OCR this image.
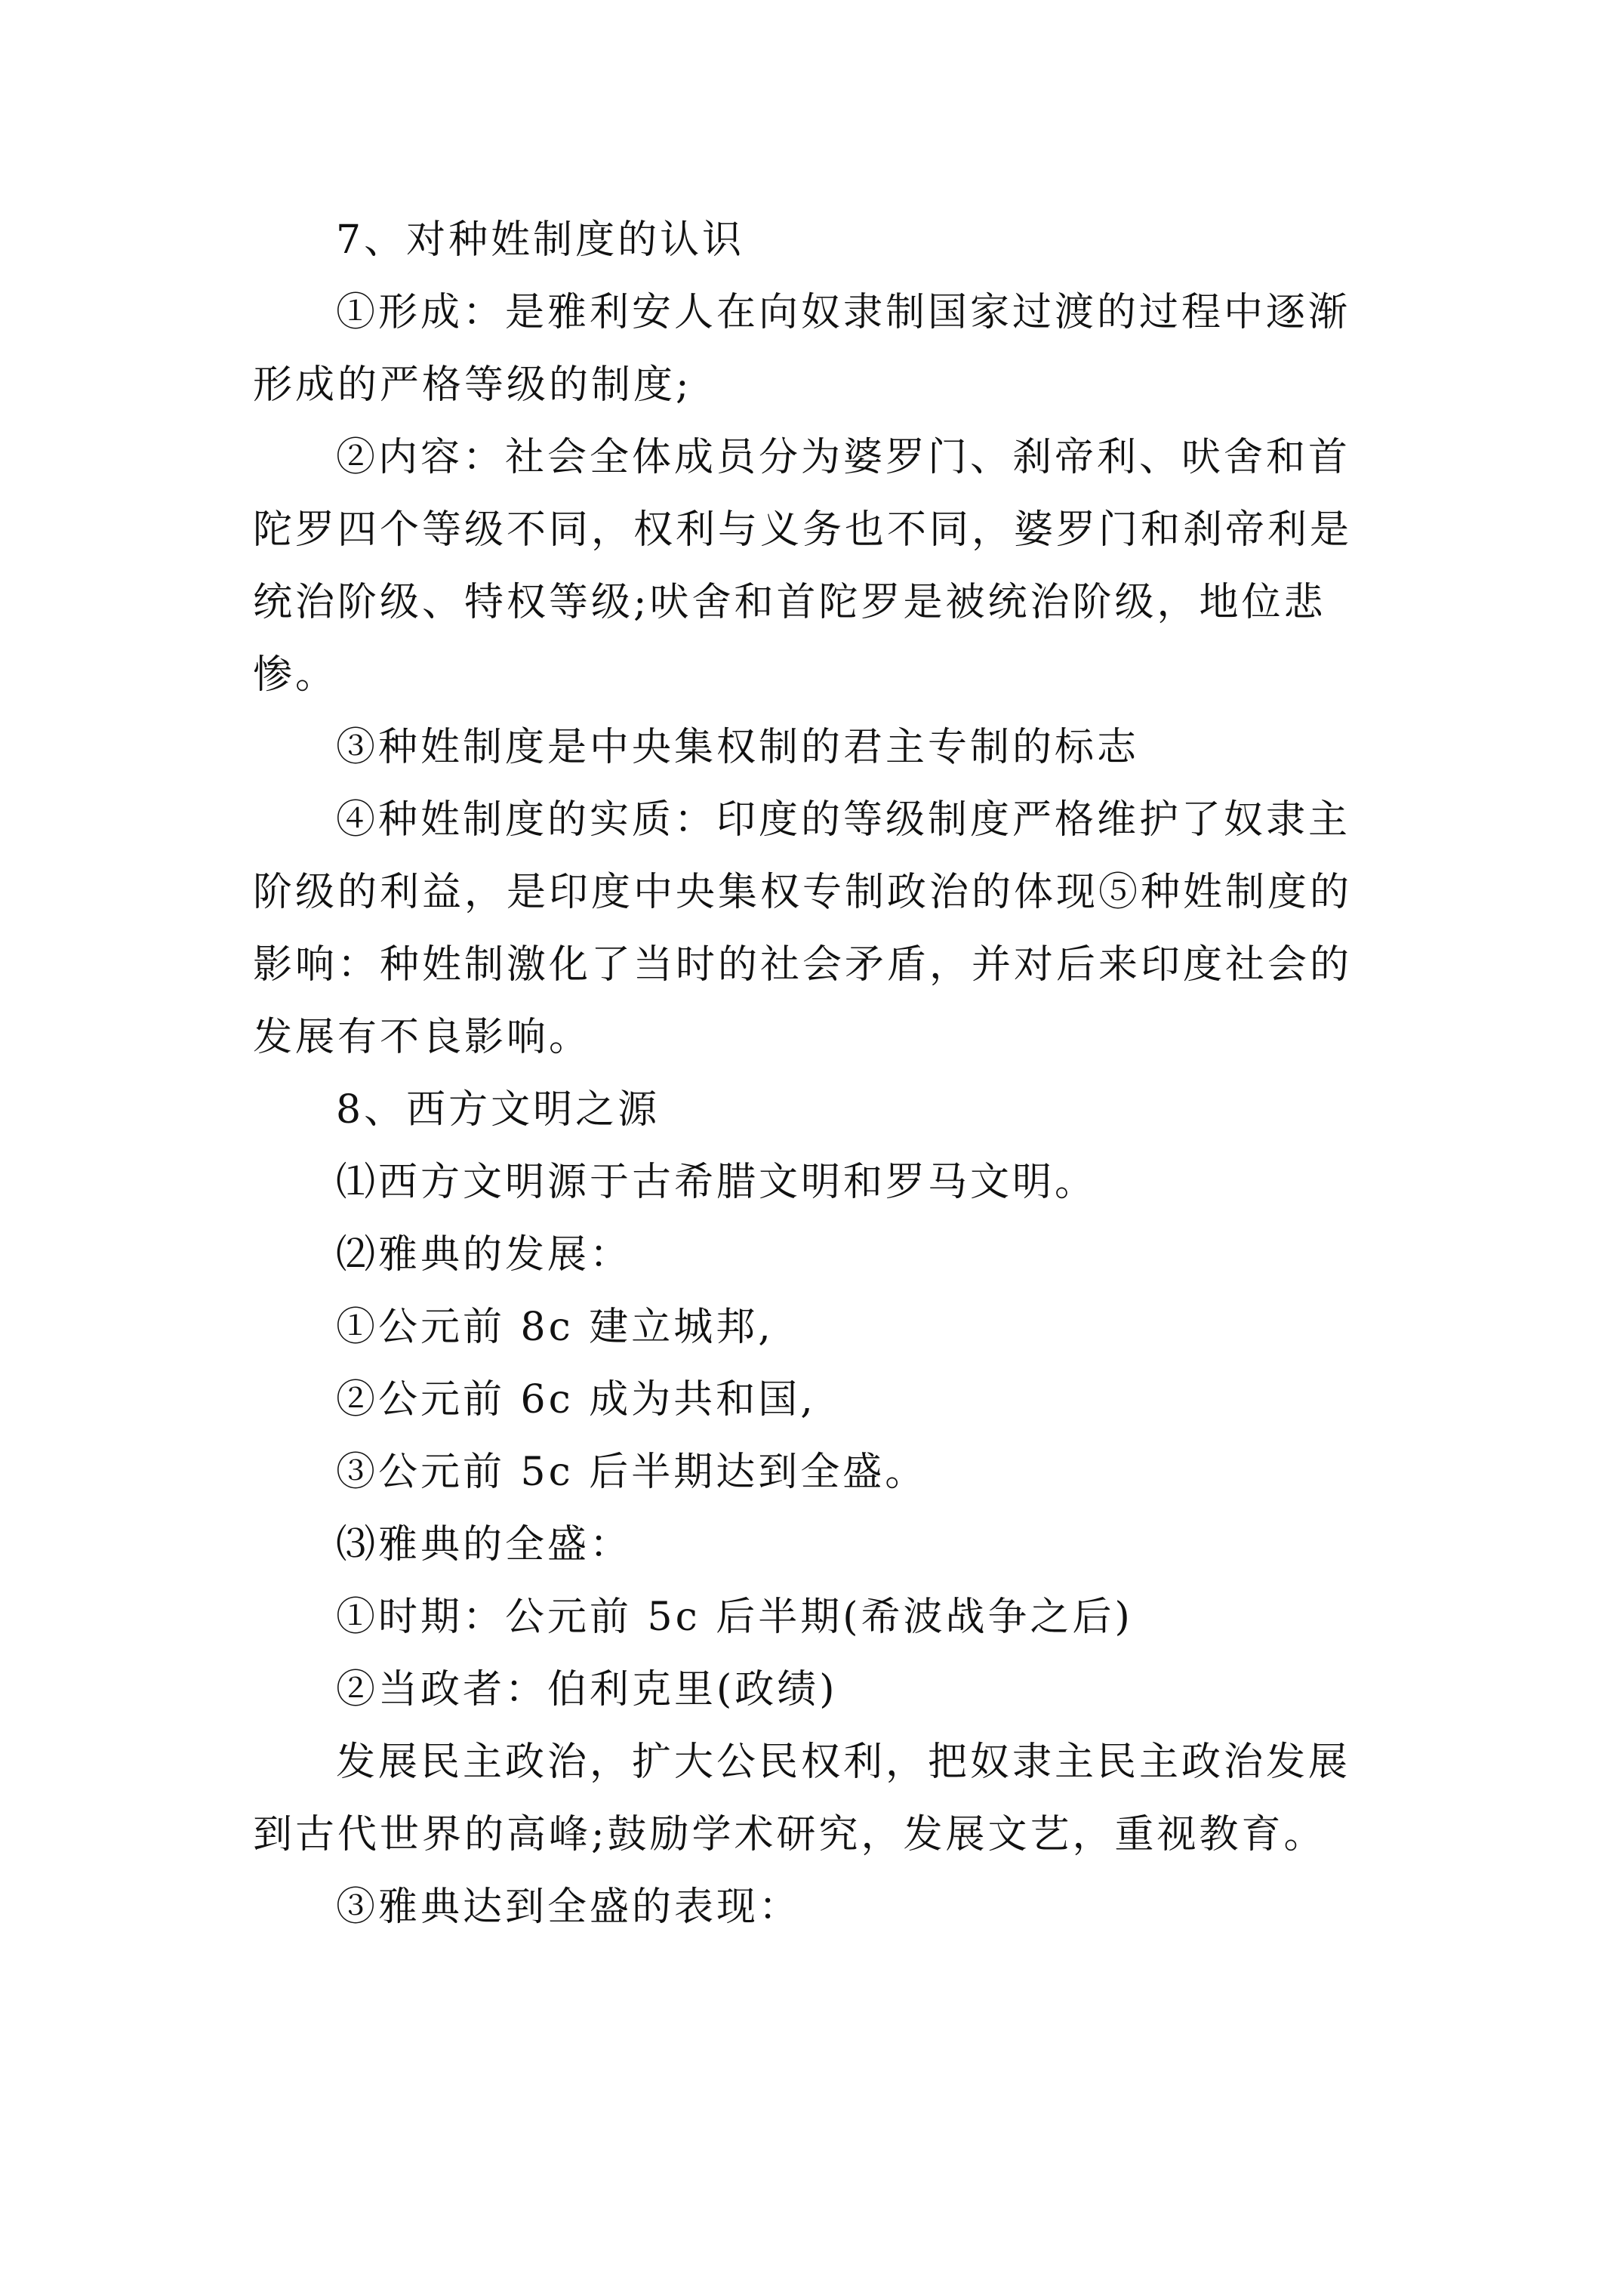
7、对种姓制度的认识

①形成：是雅利安人在向奴隶制国家过渡的过程中逐渐
形成的严格等级的制度;

②内容：社会全体成员分为婆罗门、刹帝利、吠舍和首
陀罗四个等级不同，权利与义务也不同，婆罗门和刹帝利是
统治阶级、特权等级;吠舍和首陀罗是被统治阶级，地位悲
惨。

③种姓制度是中央集权制的君主专制的标志

④种姓制度的实质：印度的等级制度严格维护了奴隶主
阶级的利益，是印度中央集权专制政治的体现⑤种姓制度的
影响：种姓制激化了当时的社会矛盾，并对后来印度社会的
发展有不良影响。

8、西方文明之源

⑴西方文明源于古希腊文明和罗马文明。

⑵雅典的发展：

①公元前 8c 建立城邦,

②公元前 6c 成为共和国,

③公元前 5c 后半期达到全盛。

⑶雅典的全盛：

①时期：公元前 5c 后半期(希波战争之后)

②当政者：伯利克里(政绩)

发展民主政治，扩大公民权利，把奴隶主民主政治发展
到古代世界的高峰;鼓励学术研究，发展文艺，重视教育。

③雅典达到全盛的表现：
